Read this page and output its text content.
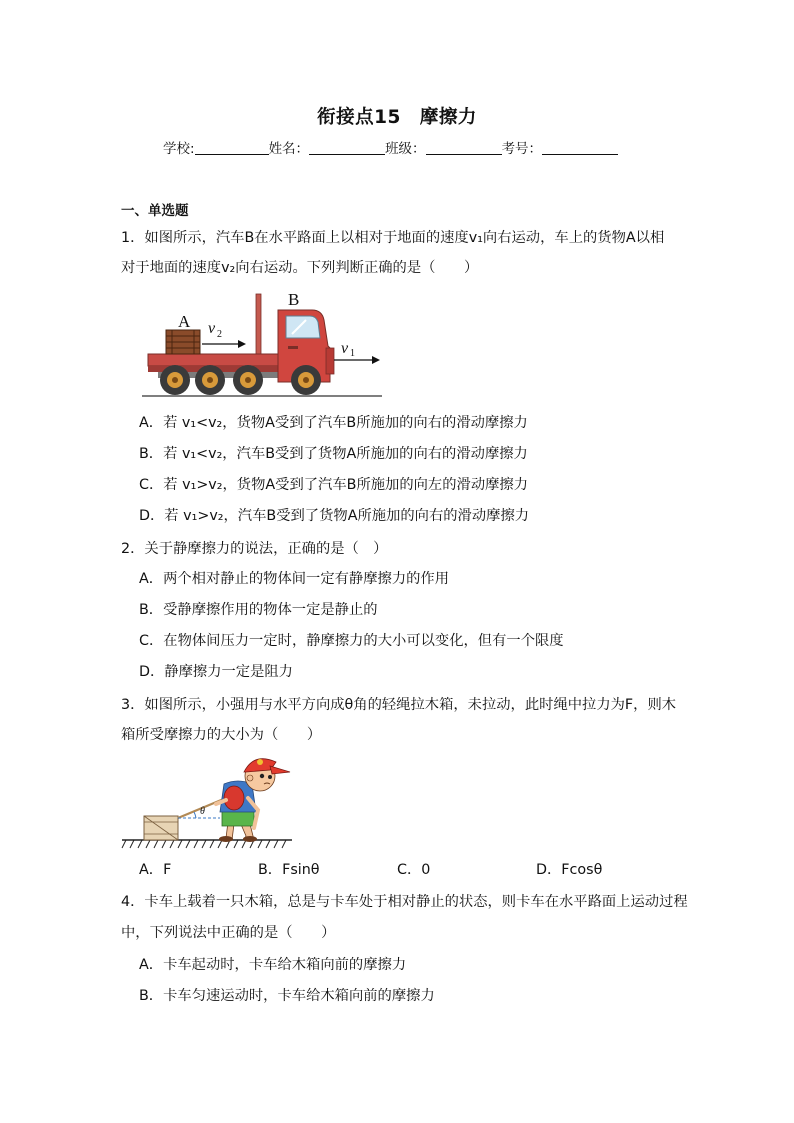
衔接点15　摩擦力
学校:	姓名：	班级：	考号：
一、单选题
1．如图所示，汽车B在水平路面上以相对于地面的速度v₁向右运动，车上的货物A以相
对于地面的速度v₂向右运动。下列判断正确的是（　　）
A
B
v 2
v 1
A．若 v₁<v₂，货物A受到了汽车B所施加的向右的滑动摩擦力
B．若 v₁<v₂，汽车B受到了货物A所施加的向右的滑动摩擦力
C．若 v₁>v₂，货物A受到了汽车B所施加的向左的滑动摩擦力
D．若 v₁>v₂，汽车B受到了货物A所施加的向右的滑动摩擦力
2．关于静摩擦力的说法，正确的是（　）
A．两个相对静止的物体间一定有静摩擦力的作用
B．受静摩擦作用的物体一定是静止的
C．在物体间压力一定时，静摩擦力的大小可以变化，但有一个限度
D．静摩擦力一定是阻力
3．如图所示，小强用与水平方向成θ角的轻绳拉木箱，未拉动，此时绳中拉力为F，则木
箱所受摩擦力的大小为（　　）
θ
A．F	B．Fsinθ	C．0	D．Fcosθ
4．卡车上载着一只木箱，总是与卡车处于相对静止的状态，则卡车在水平路面上运动过程
中，下列说法中正确的是（　　）
A．卡车起动时，卡车给木箱向前的摩擦力
B．卡车匀速运动时，卡车给木箱向前的摩擦力
